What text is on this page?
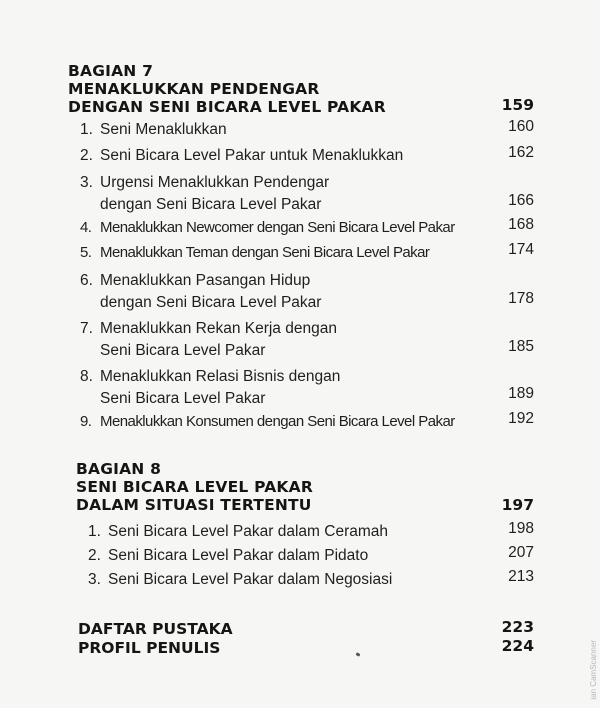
BAGIAN 7
MENAKLUKKAN PENDENGAR
DENGAN SENI BICARA LEVEL PAKAR	159
1. Seni Menaklukkan	160
2. Seni Bicara Level Pakar untuk Menaklukkan	162
3. Urgensi Menaklukkan Pendengar
dengan Seni Bicara Level Pakar	166
4. Menaklukkan Newcomer dengan Seni Bicara Level Pakar	168
5. Menaklukkan Teman dengan Seni Bicara Level Pakar	174
6. Menaklukkan Pasangan Hidup
dengan Seni Bicara Level Pakar	178
7. Menaklukkan Rekan Kerja dengan
Seni Bicara Level Pakar	185
8. Menaklukkan Relasi Bisnis dengan
Seni Bicara Level Pakar	189
9. Menaklukkan Konsumen dengan Seni Bicara Level Pakar	192
BAGIAN 8
SENI BICARA LEVEL PAKAR
DALAM SITUASI TERTENTU	197
1. Seni Bicara Level Pakar dalam Ceramah	198
2. Seni Bicara Level Pakar dalam Pidato	207
3. Seni Bicara Level Pakar dalam Negosiasi	213
DAFTAR PUSTAKA	223
PROFIL PENULIS	224	ian CamScanner
